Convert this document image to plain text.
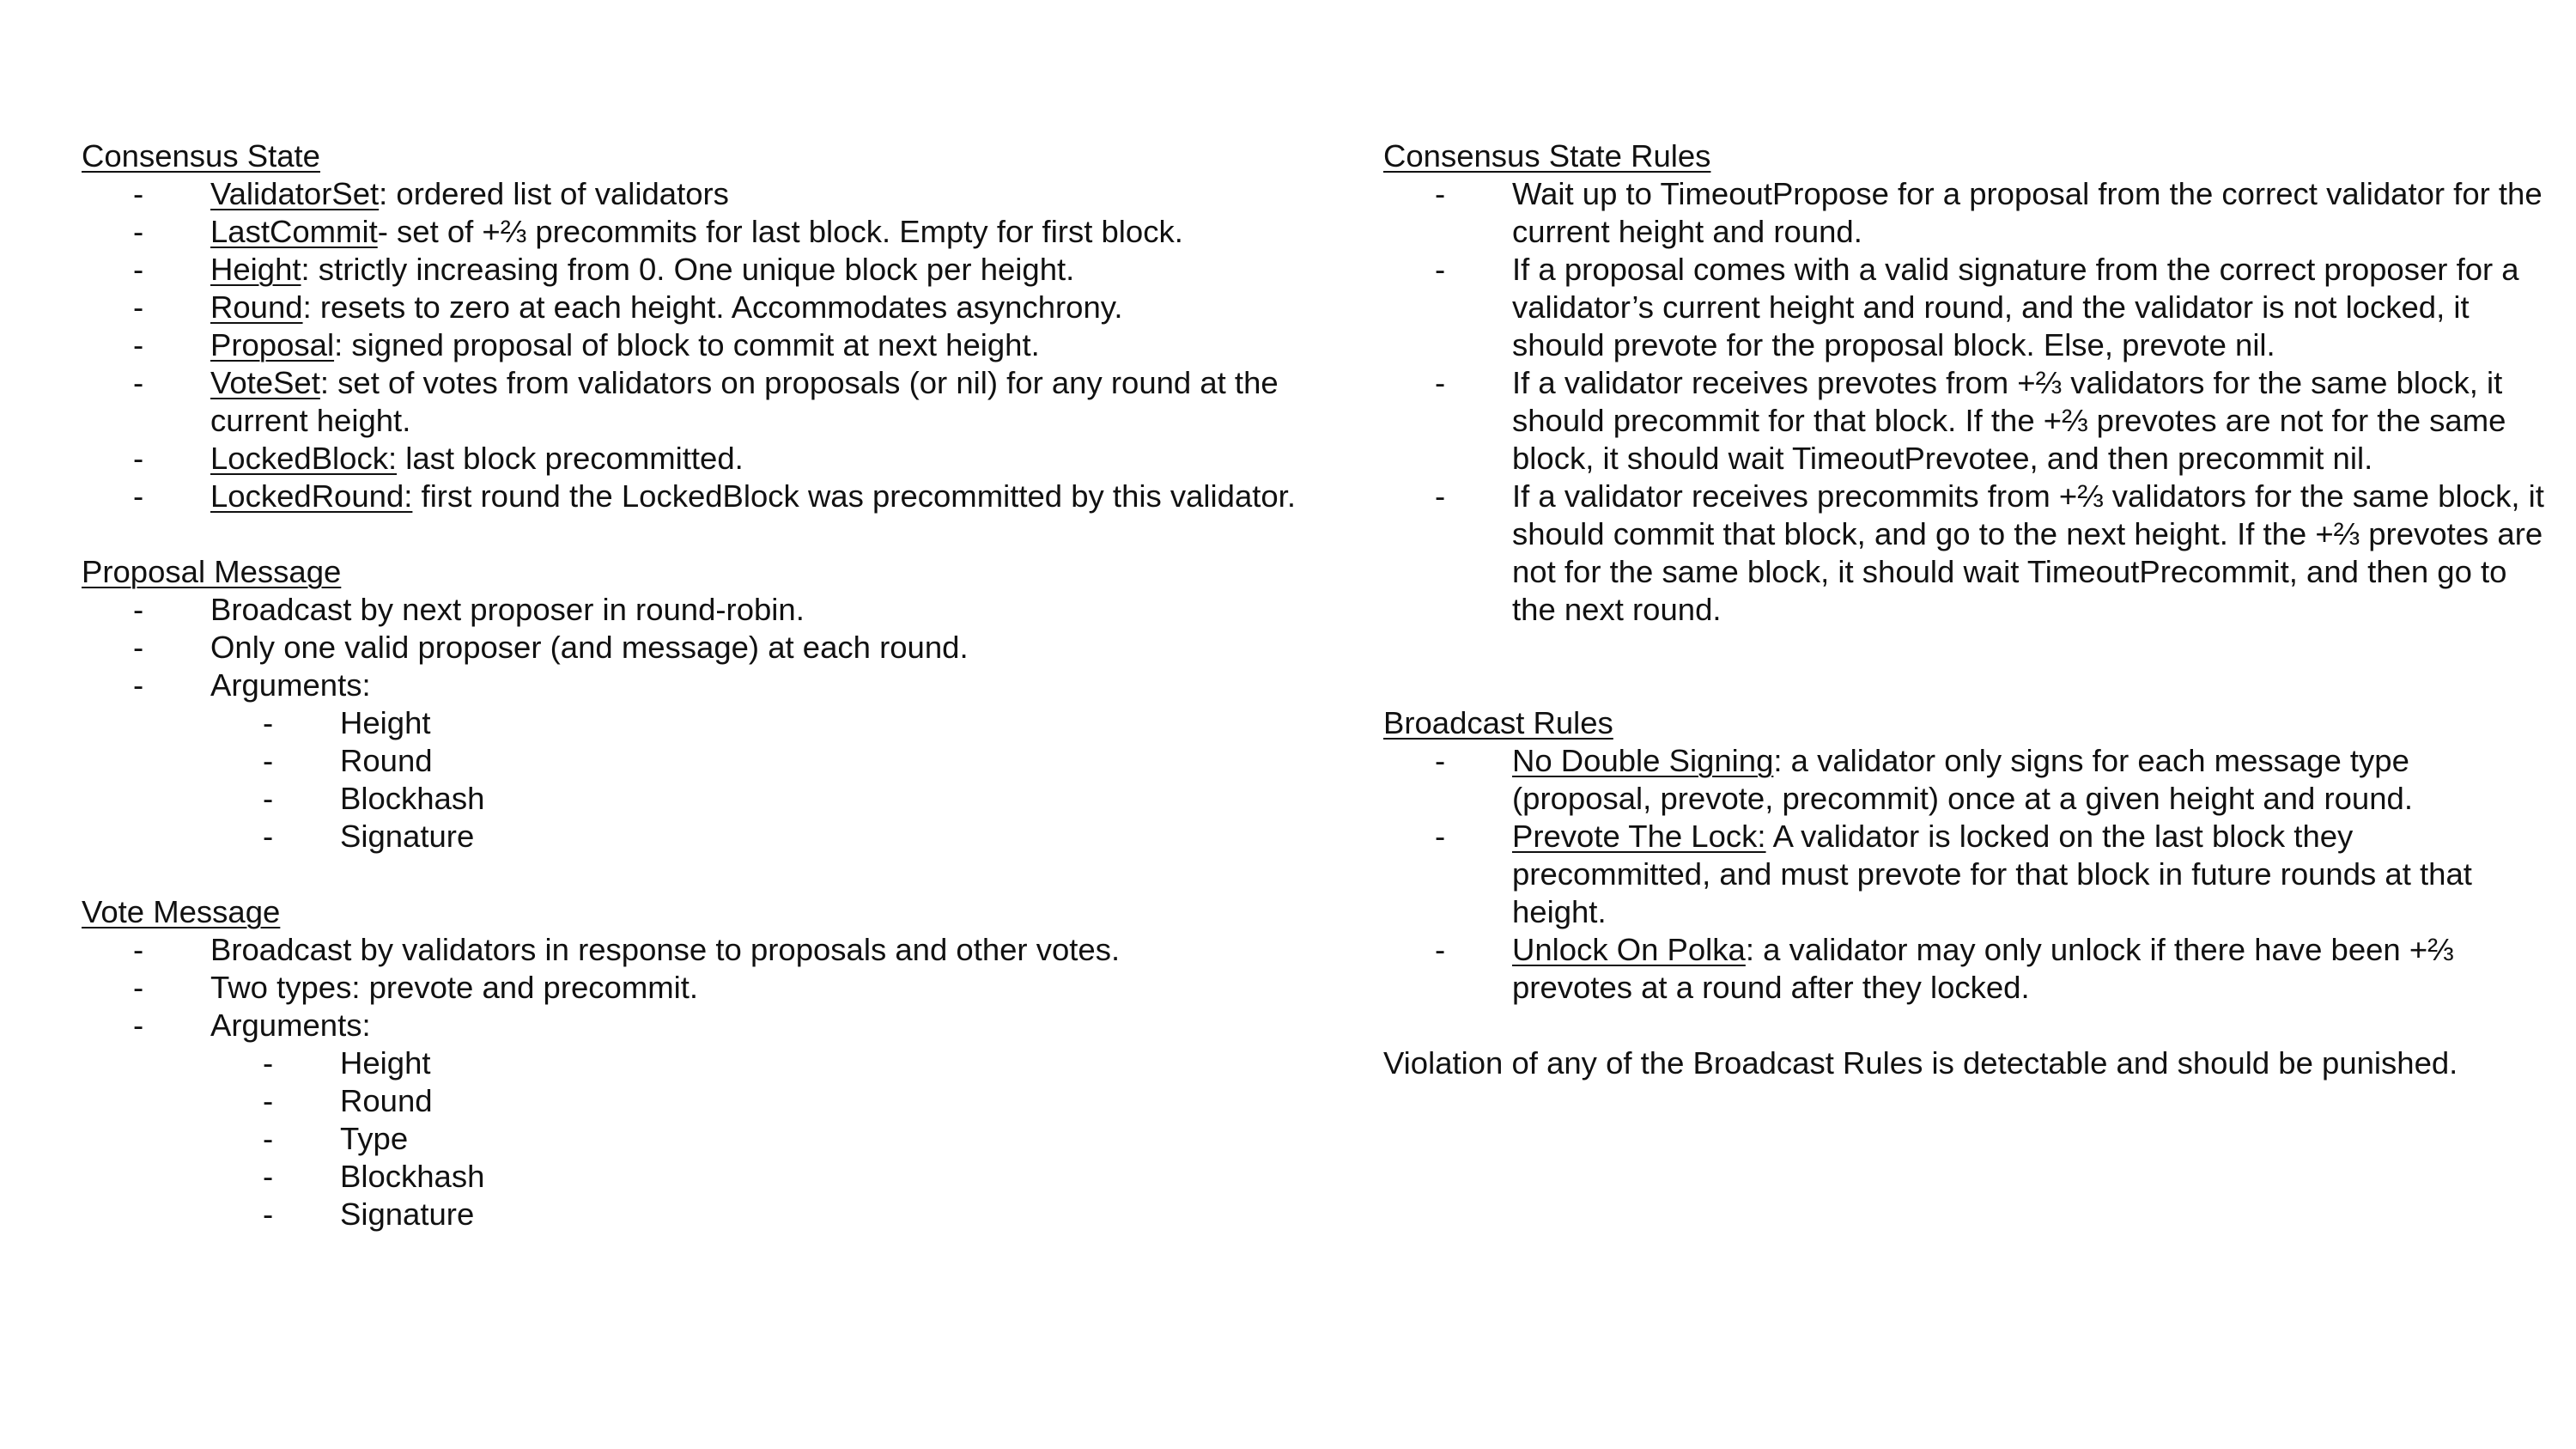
Consensus State
- ValidatorSet: ordered list of validators
- LastCommit- set of +⅔ precommits for last block. Empty for first block.
- Height: strictly increasing from 0. One unique block per height.
- Round: resets to zero at each height. Accommodates asynchrony.
- Proposal: signed proposal of block to commit at next height.
- VoteSet: set of votes from validators on proposals (or nil) for any round at the current height.
- LockedBlock: last block precommitted.
- LockedRound: first round the LockedBlock was precommitted by this validator.
Proposal Message
- Broadcast by next proposer in round-robin.
- Only one valid proposer (and message) at each round.
- Arguments:
- Height
- Round
- Blockhash
- Signature
Vote Message
- Broadcast by validators in response to proposals and other votes.
- Two types: prevote and precommit.
- Arguments:
- Height
- Round
- Type
- Blockhash
- Signature
Consensus State Rules
- Wait up to TimeoutPropose for a proposal from the correct validator for the current height and round.
- If a proposal comes with a valid signature from the correct proposer for a validator’s current height and round, and the validator is not locked, it should prevote for the proposal block. Else, prevote nil.
- If a validator receives prevotes from +⅔ validators for the same block, it should precommit for that block. If the +⅔ prevotes are not for the same block, it should wait TimeoutPrevotee, and then precommit nil.
- If a validator receives precommits from +⅔ validators for the same block, it should commit that block, and go to the next height. If the +⅔ prevotes are not for the same block, it should wait TimeoutPrecommit, and then go to the next round.
Broadcast Rules
- No Double Signing: a validator only signs for each message type (proposal, prevote, precommit) once at a given height and round.
- Prevote The Lock: A validator is locked on the last block they precommitted, and must prevote for that block in future rounds at that height.
- Unlock On Polka: a validator may only unlock if there have been +⅔ prevotes at a round after they locked.
Violation of any of the Broadcast Rules is detectable and should be punished.
